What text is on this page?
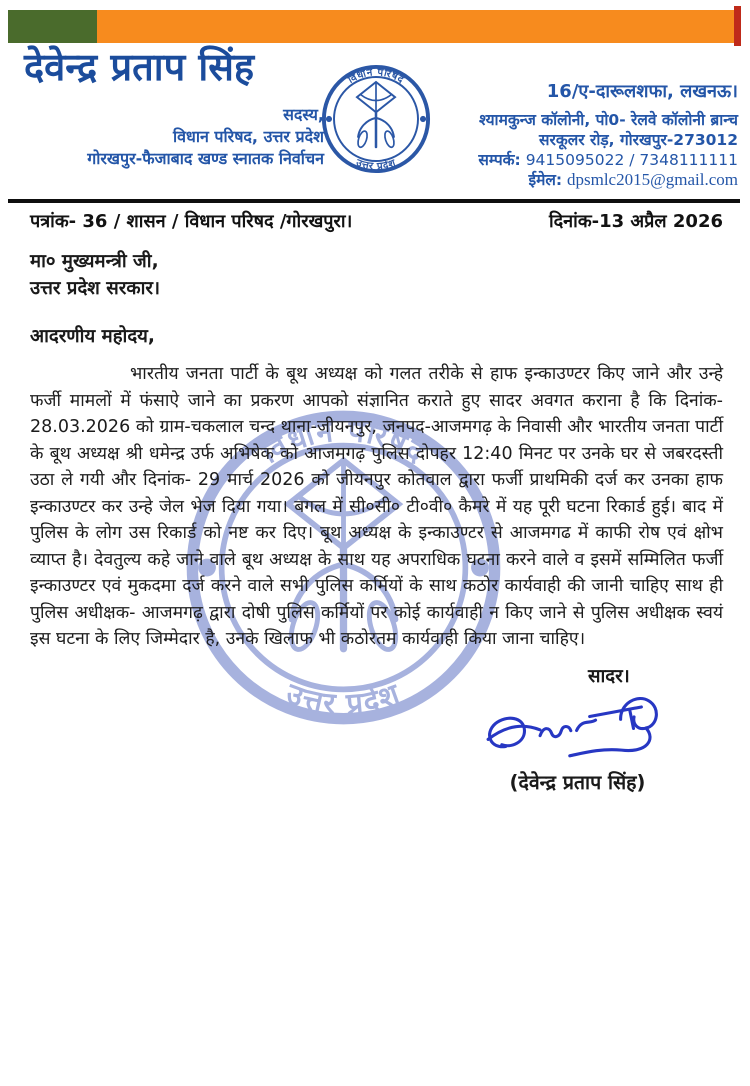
देवेन्द्र प्रताप सिंह
सदस्य,
विधान परिषद, उत्तर प्रदेश
गोरखपुर-फैजाबाद खण्ड स्नातक निर्वाचन
16/ए-दारूलशफा, लखनऊ।
श्यामकुन्ज कॉलोनी, पो0- रेलवे कॉलोनी ब्रान्च
सरकूलर रोड़, गोरखपुर-273012
सम्पर्क: 9415095022 / 7348111111
ईमेल: dpsmlc2015@gmail.com
पत्रांक- 36 / शासन / विधान परिषद /गोरखपुरा।	दिनांक-13 अप्रैल 2026
मा० मुख्यमन्त्री जी,
उत्तर प्रदेश सरकार।
आदरणीय महोदय,

भारतीय जनता पार्टी के बूथ अध्यक्ष को गलत तरीके से हाफ इन्काउण्टर किए जाने और उन्हे फर्जी मामलों में फंसाऐ जाने का प्रकरण आपको संज्ञानित कराते हुए सादर अवगत कराना है कि दिनांक- 28.03.2026 को ग्राम-चकलाल चन्द थाना-जीयनपुर, जनपद-आजमगढ़ के निवासी और भारतीय जनता पार्टी के बूथ अध्यक्ष श्री धमेन्द्र उर्फ अभिषेक को आजमगढ़ पुलिस दोपहर 12:40 मिनट पर उनके घर से जबरदस्ती उठा ले गयी और दिनांक- 29 मार्च 2026 को जीयनपुर कोतवाल द्वारा फर्जी प्राथमिकी दर्ज कर उनका हाफ इन्काउण्टर कर उन्हे जेल भेज दिया गया। बगल में सी०सी० टी०वी० कैमरे में यह पूरी घटना रिकार्ड हुई। बाद में पुलिस के लोग उस रिकार्ड को नष्ट कर दिए। बूथ अध्यक्ष के इन्काउण्टर से आजमगढ में काफी रोष एवं क्षोभ व्याप्त है। देवतुल्य कहे जाने वाले बूथ अध्यक्ष के साथ यह अपराधिक घटना करने वाले व इसमें सम्मिलित फर्जी इन्काउण्टर एवं मुकदमा दर्ज करने वाले सभी पुलिस कर्मियों के साथ कठोर कार्यवाही की जानी चाहिए साथ ही पुलिस अधीक्षक- आजमगढ़ द्वारा दोषी पुलिस कर्मियों पर कोई कार्यवाही न किए जाने से पुलिस अधीक्षक स्वयं इस घटना के लिए जिम्मेदार है, उनके खिलाफ भी कठोरतम कार्यवाही किया जाना चाहिए।

सादर।
(देवेन्द्र प्रताप सिंह)
